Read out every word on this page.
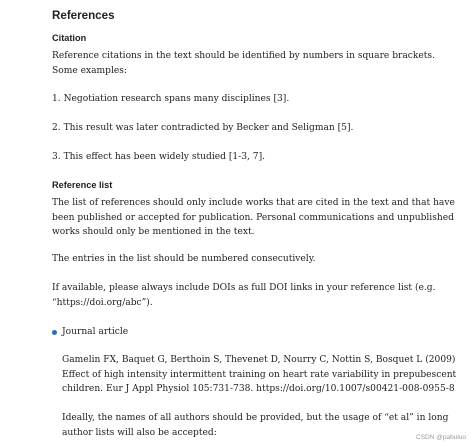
References
Citation

Reference citations in the text should be identified by numbers in square brackets. Some examples:

1. Negotiation research spans many disciplines [3].

2. This result was later contradicted by Becker and Seligman [5].

3. This effect has been widely studied [1-3, 7].

Reference list

The list of references should only include works that are cited in the text and that have been published or accepted for publication. Personal communications and unpublished works should only be mentioned in the text.

The entries in the list should be numbered consecutively.

If available, please always include DOIs as full DOI links in your reference list (e.g. “https://doi.org/abc”).

Journal article

Gamelin FX, Baquet G, Berthoin S, Thevenet D, Nourry C, Nottin S, Bosquet L (2009) Effect of high intensity intermittent training on heart rate variability in prepubescent children. Eur J Appl Physiol 105:731-738. https://doi.org/10.1007/s00421-008-0955-8

Ideally, the names of all authors should be provided, but the usage of “et al” in long author lists will also be accepted:	CSDN @pabuluo
